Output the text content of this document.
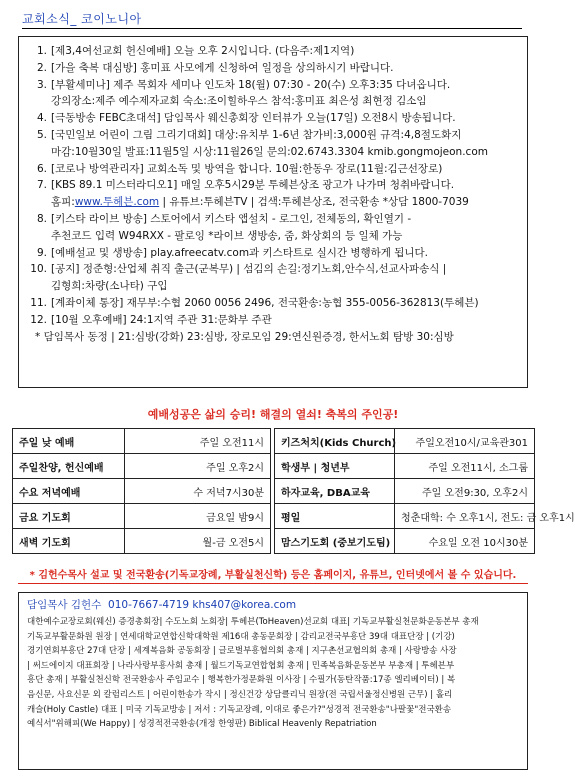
교회소식_ 코이노니아
1. [제3,4여선교회 헌신예배] 오늘 오후 2시입니다. (다음주:제1지역)
2. [가을 축복 대심방] 홍미표 사모에게 신청하여 일정을 상의하시기 바랍니다.
3. [부활세미나] 제주 목회자 세미나 인도차 18(월) 07:30 - 20(수) 오후3:35 다녀옵니다.
강의장소:제주 예수제자교회 숙소:조이힐하우스 참석:홍미표 최은성 최현정 김소임
4. [극동방송 FEBC초대석] 담임목사 웨신총회장 인터뷰가 오늘(17일) 오전8시 방송됩니다.
5. [국민일보 어린이 그림 그리기대회] 대상:유치부 1-6년 참가비:3,000원 규격:4,8절도화지
마감:10월30일 발표:11월5일 시상:11월26일 문의:02.6743.3304 kmib.gongmojeon.com
6. [코로나 방역관리자] 교회소독 및 방역을 합니다. 10월:한동우 장로(11월:김근선장로)
7. [KBS 89.1 미스터라디오1] 매일 오후5시29분 투헤븐상조 광고가 나가며 청취바랍니다.
홈피:www.투헤븐.com | 유튜브:투헤븐TV | 검색:투헤븐상조, 전국환송 *상담 1800-7039
8. [키스타 라이브 방송] 스토어에서 키스타 앱설치 - 로그인, 전체동의, 확인열기 -
추천코드 입력 W94RXX - 팔로잉 *라이브 생방송, 줌, 화상회의 등 일체 가능
9. [예배설교 및 생방송] play.afreecatv.com과 키스타트로 실시간 병행하게 됩니다.
10. [공지] 정준형:산업체 취직 출근(군복무) | 섬김의 손길:정기노회,안수식,선교사파송식 |
김형희:차량(소나타) 구입
11. [계좌이체 통장] 재무부:수협 2060 0056 2496, 전국환송:농협 355-0056-362813(투헤븐)
12. [10월 오후예배] 24:1지역 주관 31:문화부 주관
* 담임목사 동정 | 21:심방(강화) 23:심방, 장로모임 29:연신원증경, 한서노회 탐방 30:심방
예배성공은 삶의 승리! 해결의 열쇠! 축복의 주인공!
주일 낮 예배	주일 오전11시		키즈처치(Kids Church)	주일오전10시/교육관301
주일찬양, 헌신예배	주일 오후2시		학생부 | 청년부	주일 오전11시, 소그룹
수요 저녁예배	수 저녁7시30분		하자교육, DBA교육	주일 오전9:30, 오후2시
금요 기도회	금요일 밤9시		평일	청춘대학: 수 오후1시, 전도: 금 오후1시
새벽 기도회	월-금 오전5시		맘스기도회 (중보기도팀)	수요일 오전 10시30분
* 김헌수목사 설교 및 전국환송(기독교장례, 부활실천신학) 등은 홈페이지, 유튜브, 인터넷에서 볼 수 있습니다.
담임목사 김헌수 010-7667-4719 khs407@korea.com
대한예수교장로회(웨신) 증경총회장| 수도노회 노회장| 투헤븐(ToHeaven)선교회 대표| 기독교부활실천문화운동본부 총재
기독교부활문화원 원장 | 연세대학교연합신학대학원 제16대 총동문회장 | 감리교전국부흥단 39대 대표단장 | (기강)
경기연회부흥단 27대 단장 | 세계복음화 공동회장 | 글로벌부흥협의회 총재 | 지구촌선교협의회 총재 | 사랑방송 사장
| 써드에이지 대표회장 | 나라사랑부흥사회 총재 | 월드기독교연합협회 총재 | 민족복음화운동본부 부총재 | 투헤븐부
흥단 총재 | 부활실천신학 전국환송사 주임교수 | 행복한가정문화원 이사장 | 수필가(동탄작품:17종 엘리베이터) | 복
음신문, 사요신문 외 칼럼리스트 | 어린이한송가 작시 | 정신건강 상담클리닉 원장(전 국립서울정신병원 근무) | 홀리
캐슬(Holy Castle) 대표 | 미국 기독교방송 | 저서 : 기독교장례, 이대로 좋은가?"성경적 전국환송"나팔꽃"전국환송
예식서"위해피(We Happy) | 성경적전국환송(개정 한영판) Biblical Heavenly Repatriation
